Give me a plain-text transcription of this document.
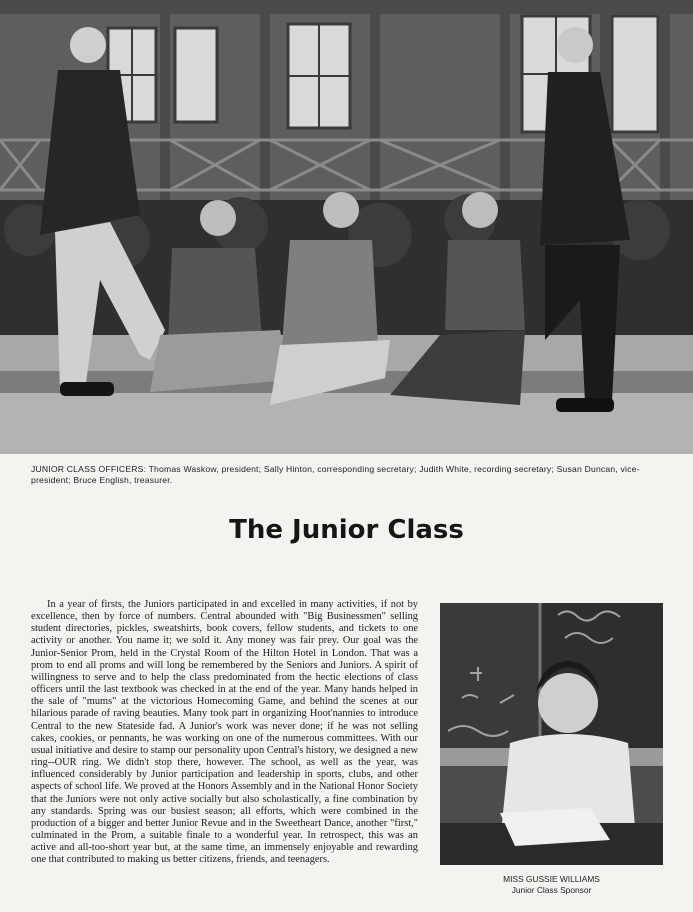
JUNIOR CLASS OFFICERS: Thomas Waskow, president; Sally Hinton, corresponding secretary; Judith White, recording secretary; Susan Duncan, vice-president; Bruce English, treasurer.
The Junior Class
In a year of firsts, the Juniors participated in and excelled in many activities, if not by excellence, then by force of numbers. Central abounded with "Big Businessmen" selling student directories, pickles, sweatshirts, book covers, fellow students, and tickets to one activity or another. You name it; we sold it. Any money was fair prey. Our goal was the Junior-Senior Prom, held in the Crystal Room of the Hilton Hotel in London. That was a prom to end all proms and will long be remembered by the Seniors and Juniors. A spirit of willingness to serve and to help the class predominated from the hectic elections of class officers until the last textbook was checked in at the end of the year. Many hands helped in the sale of "mums" at the victorious Homecoming Game, and behind the scenes at our hilarious parade of raving beauties. Many took part in organizing Hoot'nannies to introduce Central to the new Stateside fad. A Junior's work was never done; if he was not selling cakes, cookies, or pennants, he was working on one of the numerous committees. With our usual initiative and desire to stamp our personality upon Central's history, we designed a new ring--OUR ring. We didn't stop there, however. The school, as well as the year, was influenced considerably by Junior participation and leadership in sports, clubs, and other aspects of school life. We proved at the Honors Assembly and in the National Honor Society that the Juniors were not only active socially but also scholastically, a fine combination by any standards. Spring was our busiest season; all efforts, which were combined in the production of a bigger and better Junior Revue and in the Sweetheart Dance, another "first," culminated in the Prom, a suitable finale to a wonderful year. In retrospect, this was an active and all-too-short year but, at the same time, an immensely enjoyable and rewarding one that contributed to making us better citizens, friends, and teenagers.
MISS GUSSIE WILLIAMS
Junior Class Sponsor
